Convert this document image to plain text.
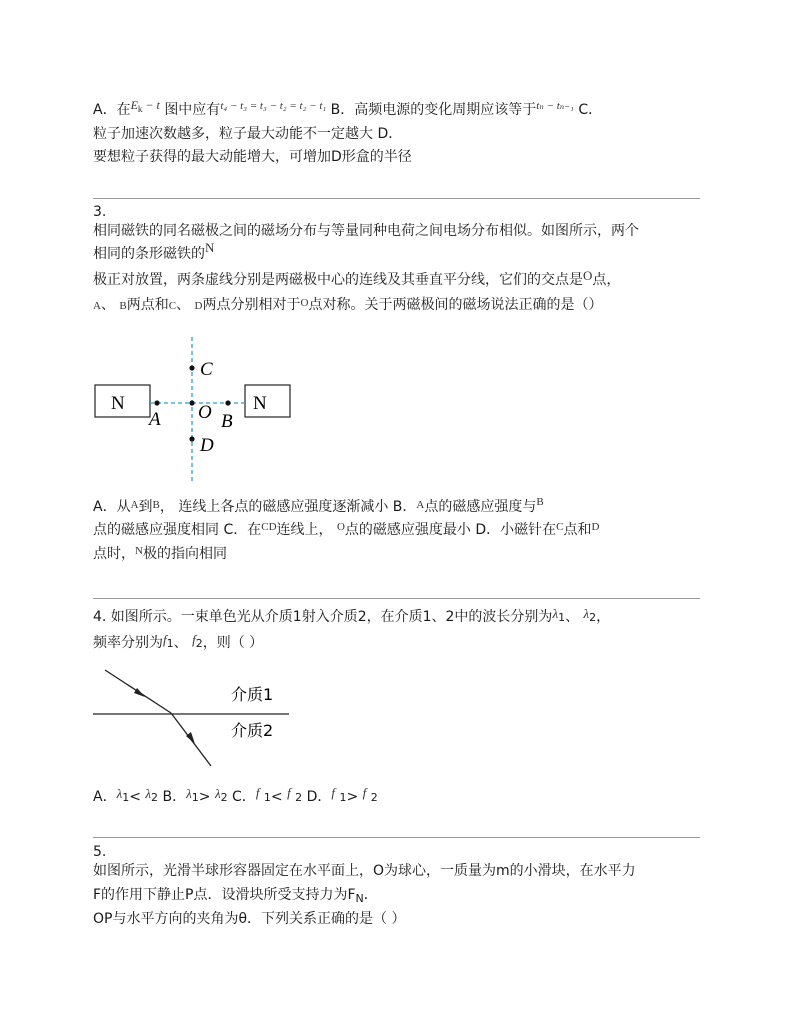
A．在$E_k - t$ 图中应有$^{t_4 - t_3 = t_3 - t_2 = t_2 - t_1}$ B．高频电源的变化周期应该等于$^{t_n - t_{n-1}}$ C．
粒子加速次数越多，粒子最大动能不一定越大 D．
要想粒子获得的最大动能增大，可增加D形盒的半径
3.
相同磁铁的同名磁极之间的磁场分布与等量同种电荷之间电场分布相似。如图所示，两个
相同的条形磁铁的N
极正对放置，两条虚线分别是两磁极中心的连线及其垂直平分线，它们的交点是O点，
A、 B两点和C、 D两点分别相对于$^O$点对称。关于两磁极间的磁场说法正确的是（）
N	N
A	B
C
D
O
A．从$^A$到$^B$， 连线上各点的磁感应强度逐渐减小 B．$^A$点的磁感应强度与$^B$
点的磁感应强度相同 C．在$^{CD}$连线上， $^O$点的磁感应强度最小 D．小磁针在$^C$点和$^D$
点时，$^N$极的指向相同
4. 如图所示。一束单色光从介质1射入介质2，在介质1、2中的波长分别为λ1、 λ2，
频率分别为f1、 f2，则（ ）
介质1
介质2
A．λ1< λ2 B．λ1> λ2 C．f 1< f 2 D．f 1> f 2
5.
如图所示，光滑半球形容器固定在水平面上，O为球心，一质量为m的小滑块，在水平力
F的作用下静止P点．设滑块所受支持力为$F_N$．
OP与水平方向的夹角为θ．下列关系正确的是（ ）
